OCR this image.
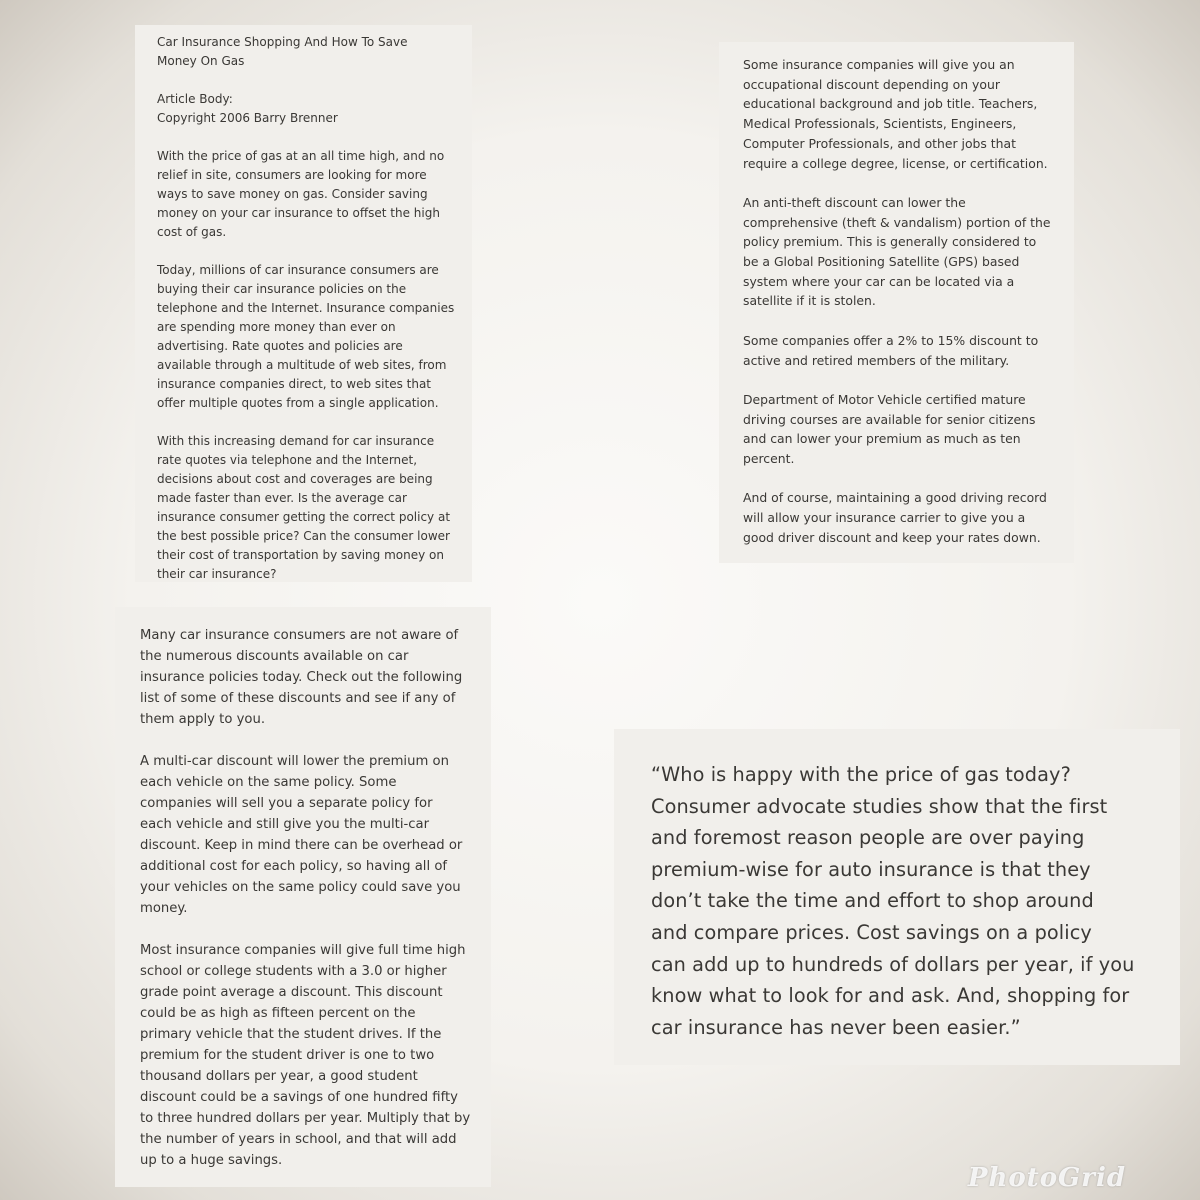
Car Insurance Shopping And How To Save
Money On Gas
Article Body:
Copyright 2006 Barry Brenner

With the price of gas at an all time high, and no
relief in site, consumers are looking for more
ways to save money on gas. Consider saving
money on your car insurance to offset the high
cost of gas.

Today, millions of car insurance consumers are
buying their car insurance policies on the
telephone and the Internet. Insurance companies
are spending more money than ever on
advertising. Rate quotes and policies are
available through a multitude of web sites, from
insurance companies direct, to web sites that
offer multiple quotes from a single application.

With this increasing demand for car insurance
rate quotes via telephone and the Internet,
decisions about cost and coverages are being
made faster than ever. Is the average car
insurance consumer getting the correct policy at
the best possible price? Can the consumer lower
their cost of transportation by saving money on
their car insurance?

Some insurance companies will give you an
occupational discount depending on your
educational background and job title. Teachers,
Medical Professionals, Scientists, Engineers,
Computer Professionals, and other jobs that
require a college degree, license, or certification.

An anti-theft discount can lower the
comprehensive (theft & vandalism) portion of the
policy premium. This is generally considered to
be a Global Positioning Satellite (GPS) based
system where your car can be located via a
satellite if it is stolen.

Some companies offer a 2% to 15% discount to
active and retired members of the military.

Department of Motor Vehicle certified mature
driving courses are available for senior citizens
and can lower your premium as much as ten
percent.

And of course, maintaining a good driving record
will allow your insurance carrier to give you a
good driver discount and keep your rates down.

Many car insurance consumers are not aware of
the numerous discounts available on car
insurance policies today. Check out the following
list of some of these discounts and see if any of
them apply to you.

A multi-car discount will lower the premium on
each vehicle on the same policy. Some
companies will sell you a separate policy for
each vehicle and still give you the multi-car
discount. Keep in mind there can be overhead or
additional cost for each policy, so having all of
your vehicles on the same policy could save you
money.

Most insurance companies will give full time high
school or college students with a 3.0 or higher
grade point average a discount. This discount
could be as high as fifteen percent on the
primary vehicle that the student drives. If the
premium for the student driver is one to two
thousand dollars per year, a good student
discount could be a savings of one hundred fifty
to three hundred dollars per year. Multiply that by
the number of years in school, and that will add
up to a huge savings.

“Who is happy with the price of gas today?
Consumer advocate studies show that the first
and foremost reason people are over paying
premium-wise for auto insurance is that they
don’t take the time and effort to shop around
and compare prices. Cost savings on a policy
can add up to hundreds of dollars per year, if you
know what to look for and ask. And, shopping for
car insurance has never been easier.”

PhotoGrid
